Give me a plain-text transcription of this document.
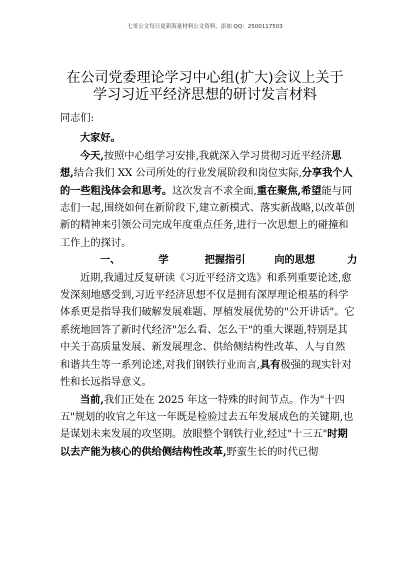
七哥公文每日更新海量材料公文资料，添加 QQ：2500117503
在公司党委理论学习中心组(扩大)会议上关于
学习习近平经济思想的研讨发言材料

同志们:

大家好。

今天,按照中心组学习安排,我就深入学习贯彻习近平经济思想,结合我们 XX 公司所处的行业发展阶段和岗位实际,分享我个人的一些粗浅体会和思考。这次发言不求全面,重在聚焦,希望能与同志们一起,围绕如何在新阶段下,建立新模式、落实新战略,以改革创新的精神来引领公司完成年度重点任务,进行一次思想上的碰撞和工作上的探讨。

一、	学	把握指引	向的思想	力

近期,我通过反复研读《习近平经济文选》和系列重要论述,愈发深刻地感受到,习近平经济思想不仅是拥有深厚理论根基的科学体系更是指导我们破解发展难题、厚植发展优势的"公开讲话"。它系统地回答了新时代经济"怎么看、怎么干"的重大课题,特别是其中关于高质量发展、新发展理念、供给侧结构性改革、人与自然和谐共生等一系列论述,对我们钢铁行业而言,具有极强的现实针对性和长远指导意义。

当前,我们正处在 2025 年这一特殊的时间节点。作为"十四五"规划的收官之年这一年既是检验过去五年发展成色的关键期,也是谋划未来发展的攻坚期。放眼整个钢铁行业,经过"十三五"时期以去产能为核心的供给侧结构性改革,野蛮生长的时代已彻
